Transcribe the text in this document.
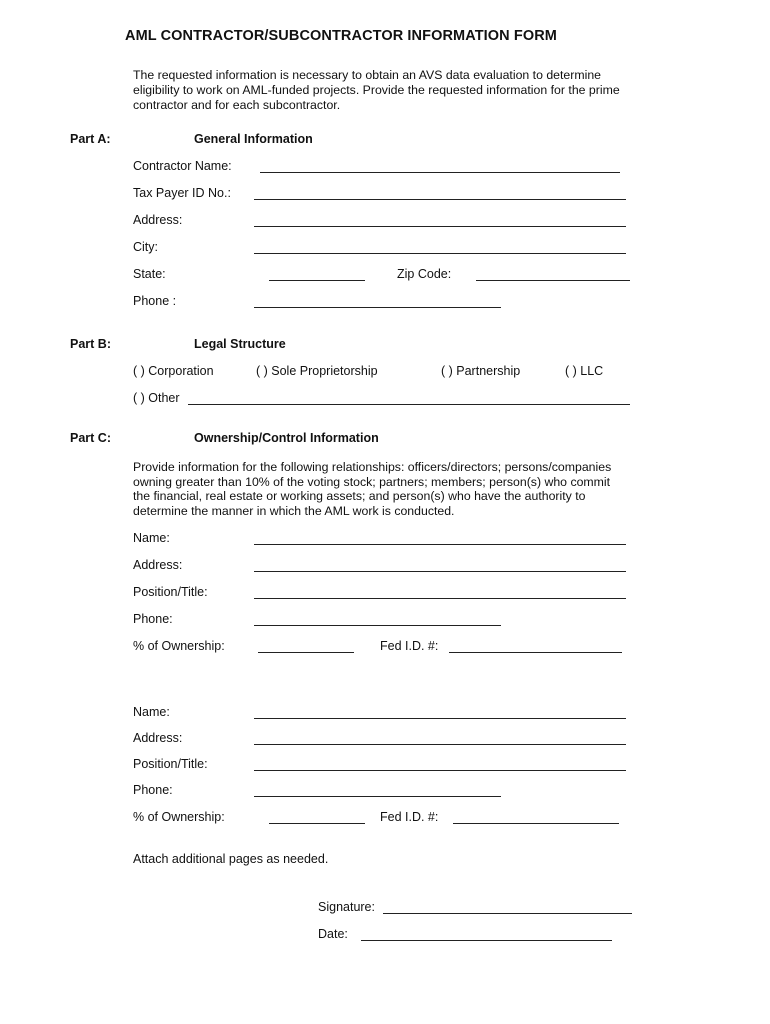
AML CONTRACTOR/SUBCONTRACTOR INFORMATION FORM
The requested information is necessary to obtain an AVS data evaluation to determine eligibility to work on AML-funded projects. Provide the requested information for the prime contractor and for each subcontractor.
Part A:	General Information
Contractor Name:
Tax Payer ID No.:
Address:
City:
State:	Zip Code:
Phone :
Part B:	Legal Structure
( ) Corporation	( ) Sole Proprietorship	( ) Partnership	( ) LLC
( ) Other
Part C:	Ownership/Control Information
Provide information for the following relationships: officers/directors; persons/companies owning greater than 10% of the voting stock; partners; members; person(s) who commit the financial, real estate or working assets; and person(s) who have the authority to determine the manner in which the AML work is conducted.
Name:
Address:
Position/Title:
Phone:
% of Ownership:	Fed I.D. #:
Name:
Address:
Position/Title:
Phone:
% of Ownership:	Fed I.D. #:
Attach additional pages as needed.
Signature:
Date:
